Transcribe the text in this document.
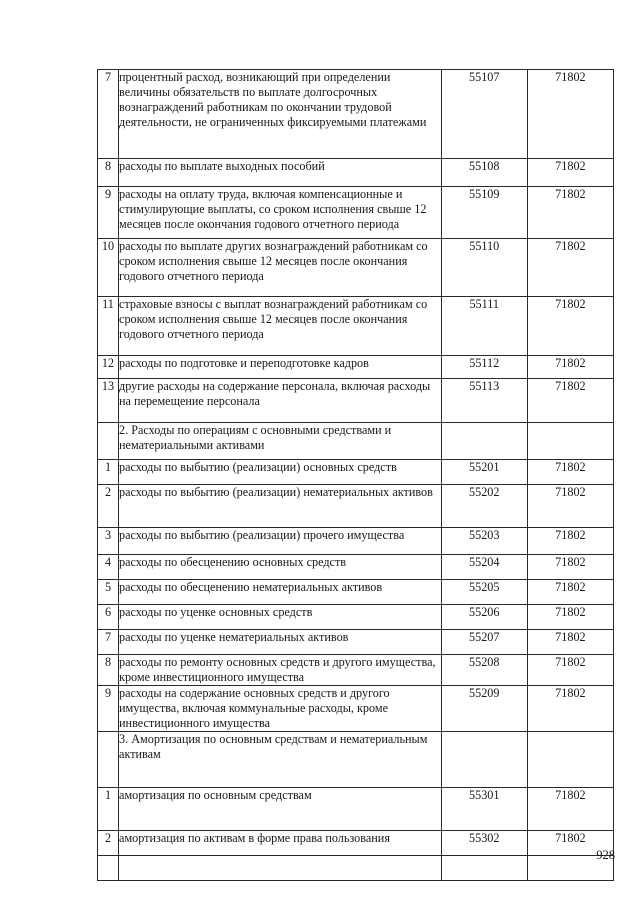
7	процентный расход, возникающий при определении величины обязательств по выплате долгосрочных вознаграждений работникам по окончании трудовой деятельности, не ограниченных фиксируемыми платежами	55107	71802
8	расходы по выплате выходных пособий	55108	71802
9	расходы на оплату труда, включая компенсационные и стимулирующие выплаты, со сроком исполнения свыше 12 месяцев после окончания годового отчетного периода	55109	71802
10	расходы по выплате других вознаграждений работникам со сроком исполнения свыше 12 месяцев после окончания годового отчетного периода	55110	71802
11	страховые взносы с выплат вознаграждений работникам со сроком исполнения свыше 12 месяцев после окончания годового отчетного периода	55111	71802
12	расходы по подготовке и переподготовке кадров	55112	71802
13	другие расходы на содержание персонала, включая расходы на перемещение персонала	55113	71802
	2. Расходы по операциям с основными средствами и нематериальными активами		
1	расходы по выбытию (реализации) основных средств	55201	71802
2	расходы по выбытию (реализации) нематериальных активов	55202	71802
3	расходы по выбытию (реализации) прочего имущества	55203	71802
4	расходы по обесценению основных средств	55204	71802
5	расходы по обесценению нематериальных активов	55205	71802
6	расходы по уценке основных средств	55206	71802
7	расходы по уценке нематериальных активов	55207	71802
8	расходы по ремонту основных средств и другого имущества, кроме инвестиционного имущества	55208	71802
9	расходы на содержание основных средств и другого имущества, включая коммунальные расходы, кроме инвестиционного имущества	55209	71802
	3. Амортизация по основным средствам и нематериальным активам		
1	амортизация по основным средствам	55301	71802
2	амортизация по активам в форме права пользования	55302	71802

928
